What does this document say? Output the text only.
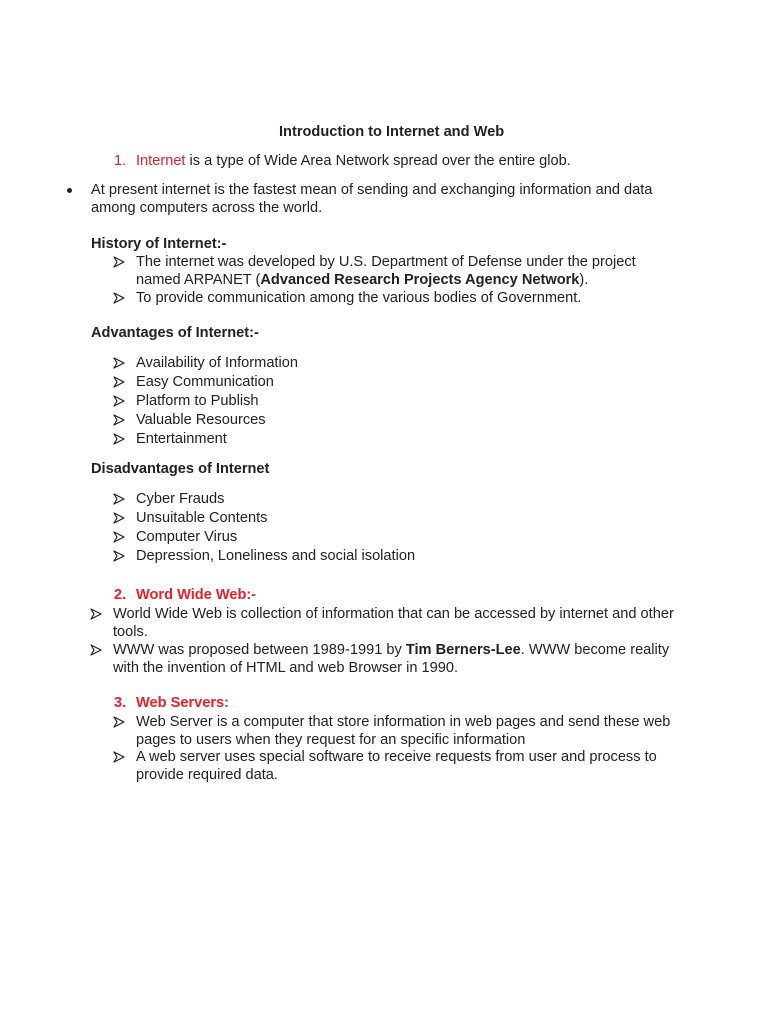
Introduction to Internet and Web
1. Internet is a type of Wide Area Network spread over the entire glob.
At present internet is the fastest mean of sending and exchanging information and data
among computers across the world.
History of Internet:-
The internet was developed by U.S. Department of Defense under the project
named ARPANET (Advanced Research Projects Agency Network).
To provide communication among the various bodies of Government.
Advantages of Internet:-
Availability of Information
Easy Communication
Platform to Publish
Valuable Resources
Entertainment
Disadvantages of Internet
Cyber Frauds
Unsuitable Contents
Computer Virus
Depression, Loneliness and social isolation
2. Word Wide Web:-
World Wide Web is collection of information that can be accessed by internet and other
tools.
WWW was proposed between 1989-1991 by Tim Berners-Lee. WWW become reality
with the invention of HTML and web Browser in 1990.
3. Web Servers:
Web Server is a computer that store information in web pages and send these web
pages to users when they request for an specific information
A web server uses special software to receive requests from user and process to
provide required data.
